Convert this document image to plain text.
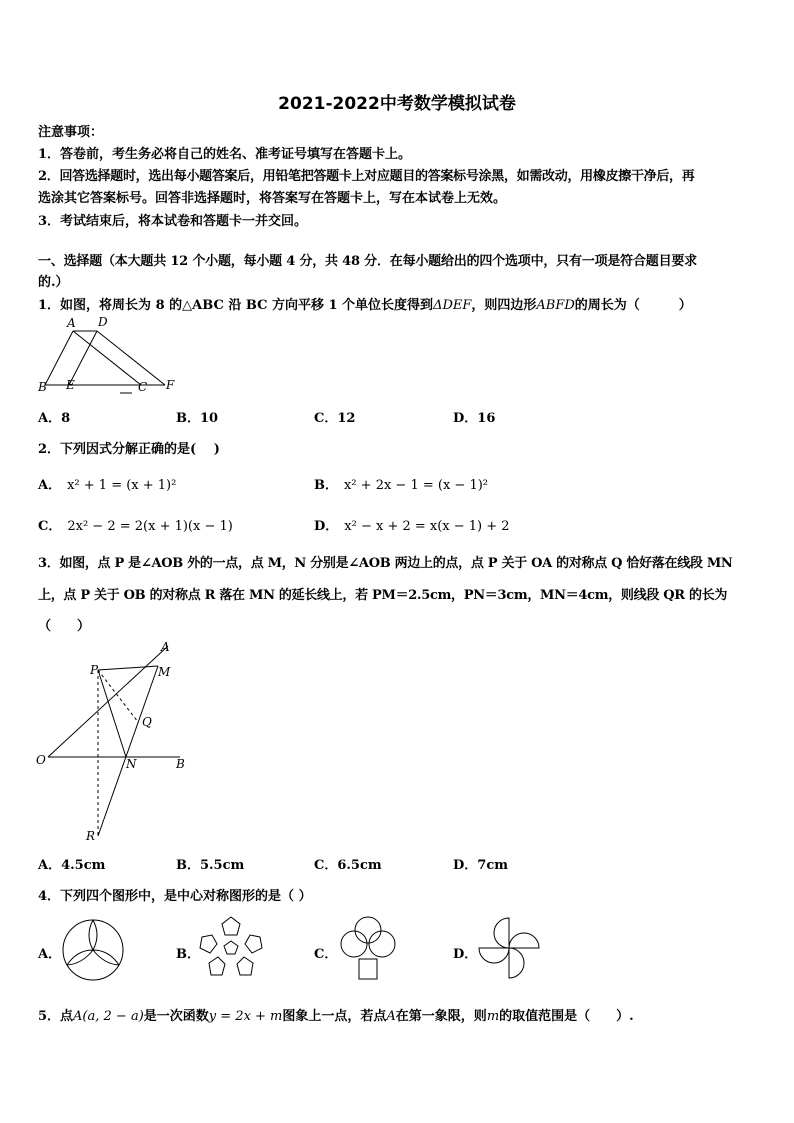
2021-2022中考数学模拟试卷
注意事项：
1．答卷前，考生务必将自己的姓名、准考证号填写在答题卡上。
2．回答选择题时，选出每小题答案后，用铅笔把答题卡上对应题目的答案标号涂黑，如需改动，用橡皮擦干净后，再
选涂其它答案标号。回答非选择题时，将答案写在答题卡上，写在本试卷上无效。
3．考试结束后，将本试卷和答题卡一并交回。
一、选择题（本大题共 12 个小题，每小题 4 分，共 48 分．在每小题给出的四个选项中，只有一项是符合题目要求
的.）
1．如图，将周长为 8 的△ABC 沿 BC 方向平移 1 个单位长度得到ΔDEF，则四边形ABFD的周长为（　　　）
A D
B E	C F
A．8	B．10	C．12	D．16
2．下列因式分解正确的是(　 )
A． x² + 1 = (x + 1)²	B． x² + 2x − 1 = (x − 1)²
C． 2x² − 2 = 2(x + 1)(x − 1)	D． x² − x + 2 = x(x − 1) + 2
3．如图，点 P 是∠AOB 外的一点，点 M，N 分别是∠AOB 两边上的点，点 P 关于 OA 的对称点 Q 恰好落在线段 MN
上，点 P 关于 OB 的对称点 R 落在 MN 的延长线上，若 PM＝2.5cm，PN＝3cm，MN＝4cm，则线段 QR 的长为
（　　）
A
P	M
Q
O	N	B
R
A．4.5cm	B．5.5cm	C．6.5cm	D．7cm
4．下列四个图形中，是中心对称图形的是（ ）
A．	B．	C．	D．
5．点A(a, 2 − a)是一次函数y = 2x + m图象上一点，若点A在第一象限，则m的取值范围是（　　）.
